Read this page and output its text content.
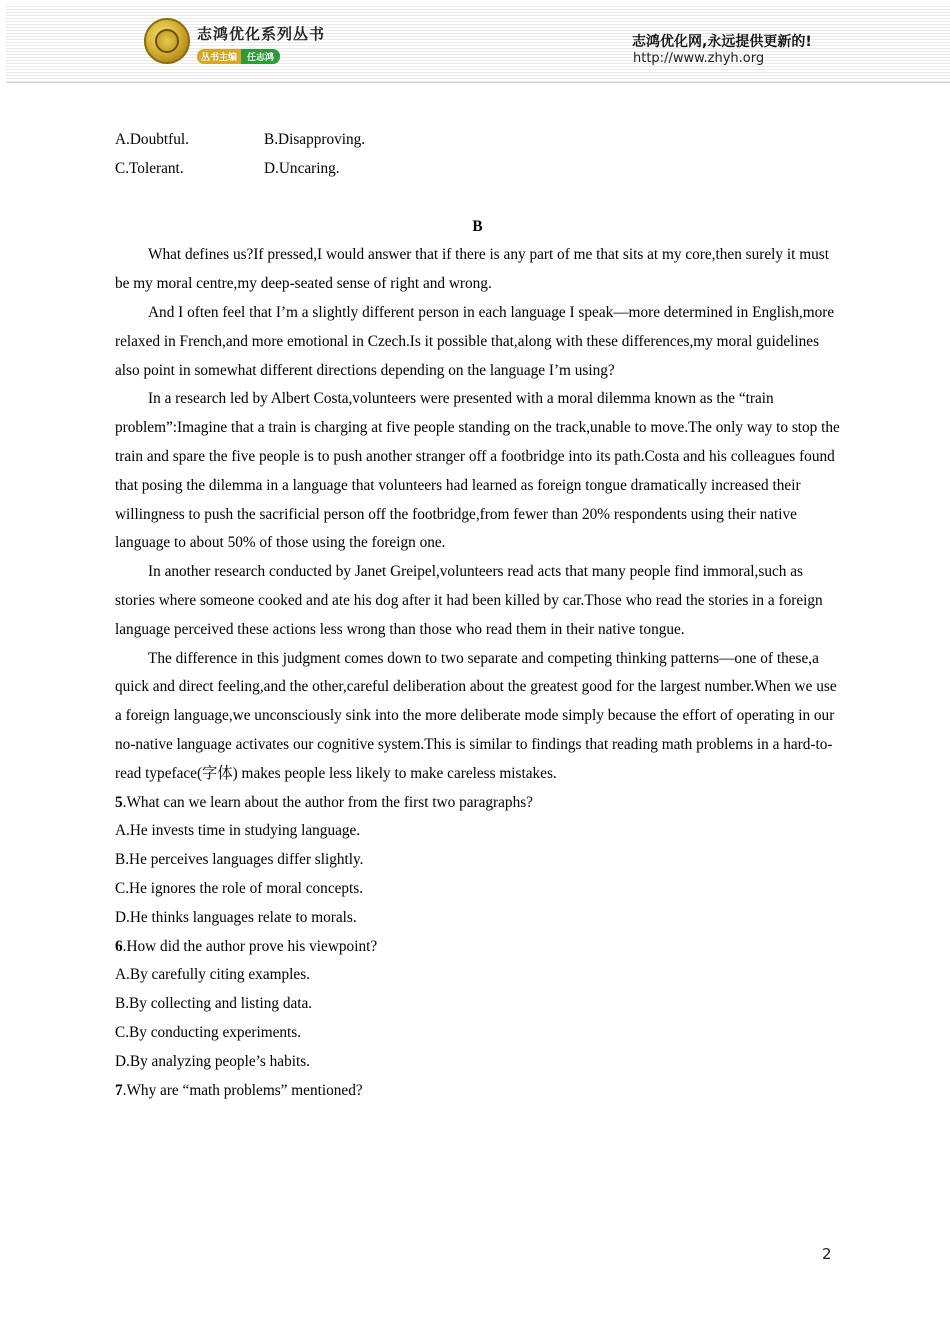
志鸿优化系列丛书
丛书主编	任志鸿
志鸿优化网,永远提供更新的!
http://www.zhyh.org

A.Doubtful.	B.Disapproving.

C.Tolerant.	D.Uncaring.

B

What defines us?If pressed,I would answer that if there is any part of me that sits at my core,then surely it must be my moral centre,my deep-seated sense of right and wrong.

And I often feel that I’m a slightly different person in each language I speak—more determined in English,more relaxed in French,and more emotional in Czech.Is it possible that,along with these differences,my moral guidelines also point in somewhat different directions depending on the language I’m using?

In a research led by Albert Costa,volunteers were presented with a moral dilemma known as the “train problem”:Imagine that a train is charging at five people standing on the track,unable to move.The only way to stop the train and spare the five people is to push another stranger off a footbridge into its path.Costa and his colleagues found that posing the dilemma in a language that volunteers had learned as foreign tongue dramatically increased their willingness to push the sacrificial person off the footbridge,from fewer than 20% respondents using their native language to about 50% of those using the foreign one.

In another research conducted by Janet Greipel,volunteers read acts that many people find immoral,such as stories where someone cooked and ate his dog after it had been killed by car.Those who read the stories in a foreign language perceived these actions less wrong than those who read them in their native tongue.

The difference in this judgment comes down to two separate and competing thinking patterns—one of these,a quick and direct feeling,and the other,careful deliberation about the greatest good for the largest number.When we use a foreign language,we unconsciously sink into the more deliberate mode simply because the effort of operating in our no-native language activates our cognitive system.This is similar to findings that reading math problems in a hard-to-read typeface(字体) makes people less likely to make careless mistakes.

5.What can we learn about the author from the first two paragraphs?

A.He invests time in studying language.

B.He perceives languages differ slightly.

C.He ignores the role of moral concepts.

D.He thinks languages relate to morals.

6.How did the author prove his viewpoint?

A.By carefully citing examples.

B.By collecting and listing data.

C.By conducting experiments.

D.By analyzing people’s habits.

7.Why are “math problems” mentioned?

2
